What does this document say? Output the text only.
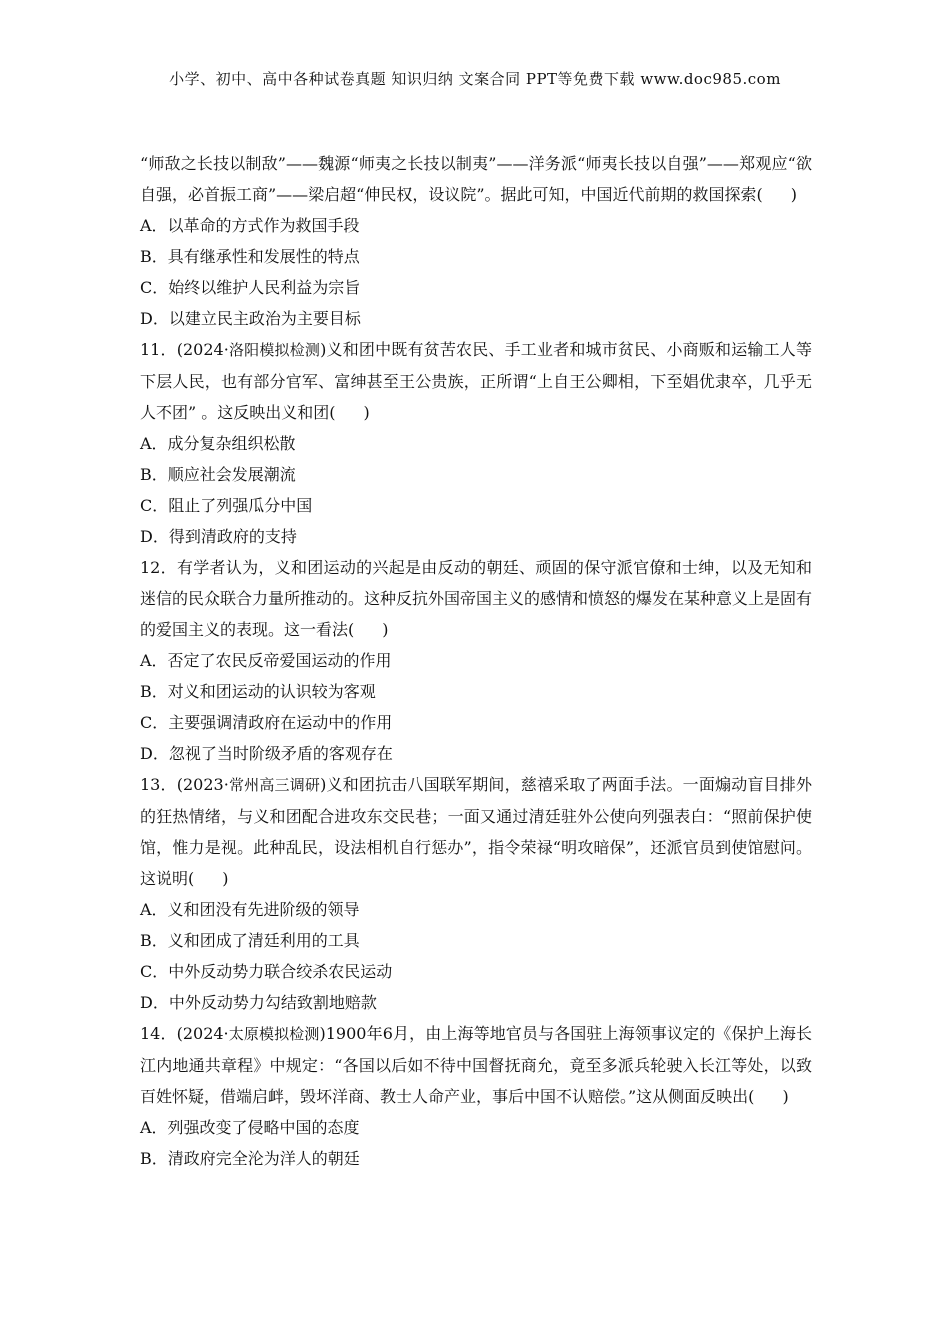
小学、初中、高中各种试卷真题 知识归纳 文案合同 PPT等免费下载 www.doc985.com

“师敌之长技以制敌”——魏源“师夷之长技以制夷”——洋务派“师夷长技以自强”——郑观应“欲自强，必首振工商”——梁启超“伸民权，设议院”。据此可知，中国近代前期的救国探索( )

A．以革命的方式作为救国手段

B．具有继承性和发展性的特点

C．始终以维护人民利益为宗旨

D．以建立民主政治为主要目标

11．(2024·洛阳模拟检测)义和团中既有贫苦农民、手工业者和城市贫民、小商贩和运输工人等下层人民，也有部分官军、富绅甚至王公贵族，正所谓“上自王公卿相，下至娼优隶卒，几乎无人不团” 。这反映出义和团( )

A．成分复杂组织松散

B．顺应社会发展潮流

C．阻止了列强瓜分中国

D．得到清政府的支持

12．有学者认为，义和团运动的兴起是由反动的朝廷、顽固的保守派官僚和士绅，以及无知和迷信的民众联合力量所推动的。这种反抗外国帝国主义的感情和愤怒的爆发在某种意义上是固有的爱国主义的表现。这一看法( )

A．否定了农民反帝爱国运动的作用

B．对义和团运动的认识较为客观

C．主要强调清政府在运动中的作用

D．忽视了当时阶级矛盾的客观存在

13．(2023·常州高三调研)义和团抗击八国联军期间，慈禧采取了两面手法。一面煽动盲目排外的狂热情绪，与义和团配合进攻东交民巷；一面又通过清廷驻外公使向列强表白：“照前保护使馆，惟力是视。此种乱民，设法相机自行惩办”，指令荣禄“明攻暗保”，还派官员到使馆慰问。这说明( )

A．义和团没有先进阶级的领导

B．义和团成了清廷利用的工具

C．中外反动势力联合绞杀农民运动

D．中外反动势力勾结致割地赔款

14．(2024·太原模拟检测)1900年6月，由上海等地官员与各国驻上海领事议定的《保护上海长江内地通共章程》中规定：“各国以后如不待中国督抚商允，竟至多派兵轮驶入长江等处，以致百姓怀疑，借端启衅，毁坏洋商、教士人命产业，事后中国不认赔偿。”这从侧面反映出( )

A．列强改变了侵略中国的态度

B．清政府完全沦为洋人的朝廷
